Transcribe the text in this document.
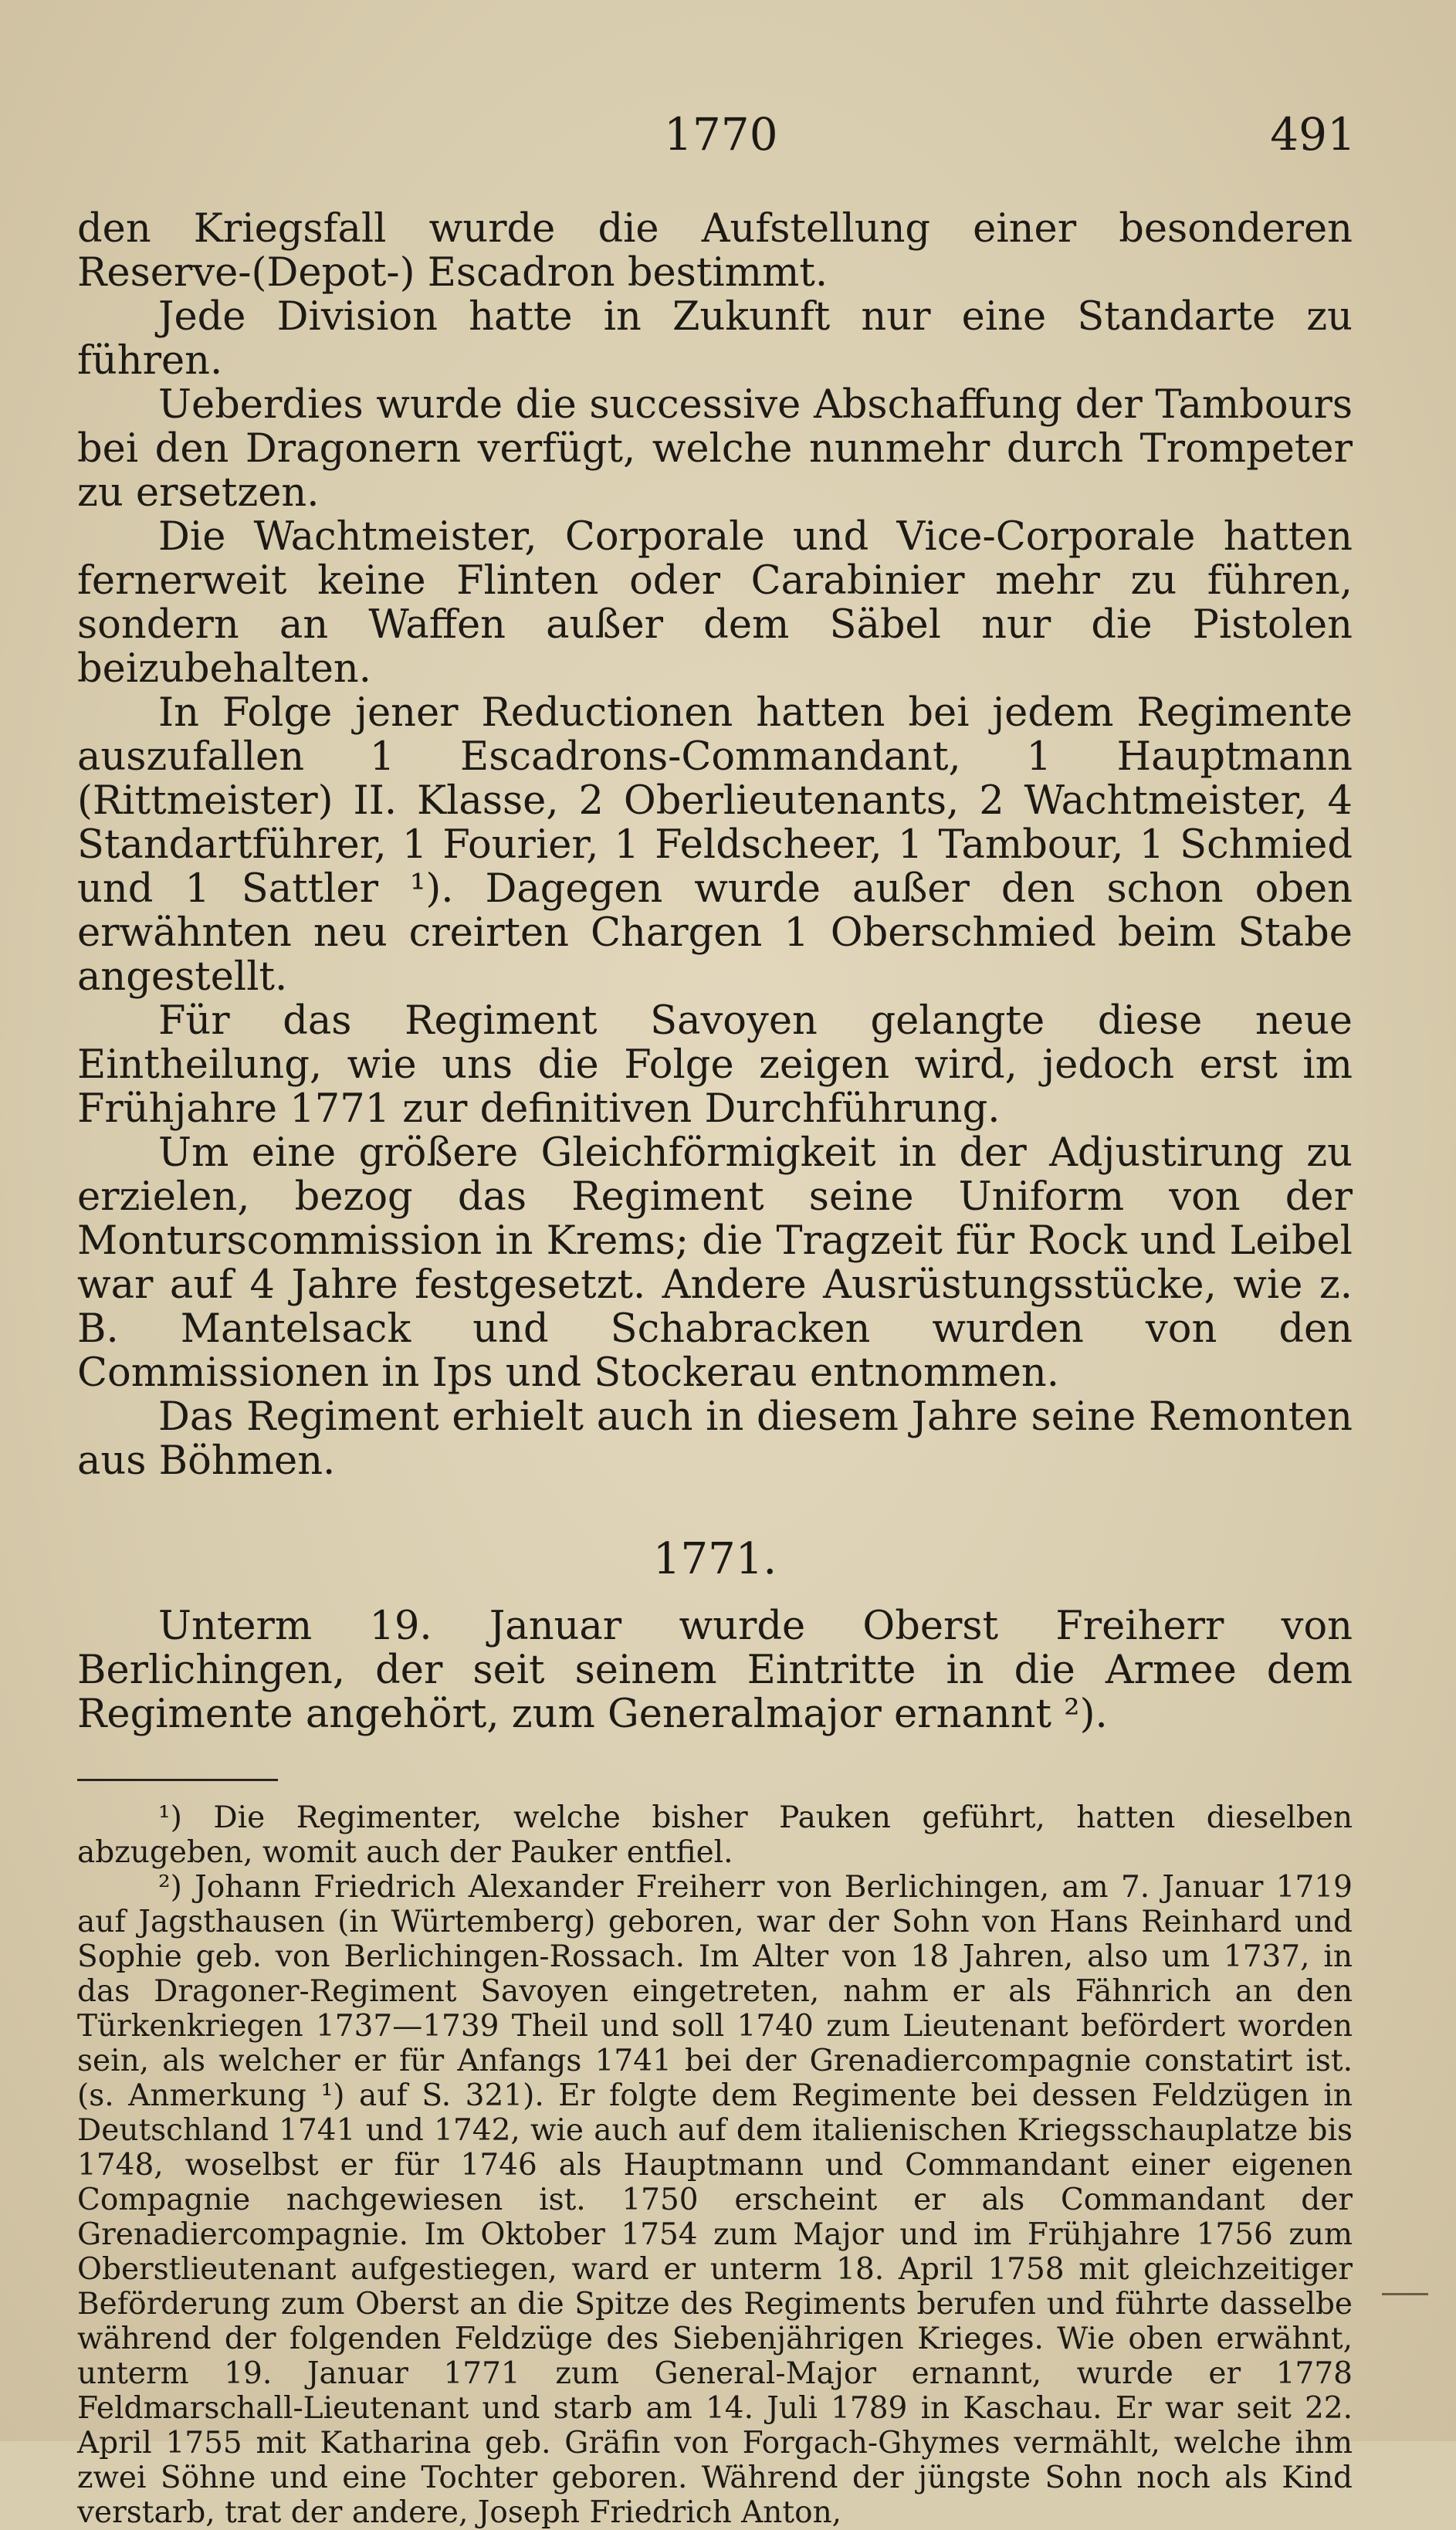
1770	491

den Kriegsfall wurde die Aufstellung einer besonderen Reserve-(Depot-) Escadron bestimmt.

Jede Division hatte in Zukunft nur eine Standarte zu führen.

Ueberdies wurde die successive Abschaffung der Tambours bei den Dragonern verfügt, welche nunmehr durch Trompeter zu ersetzen.

Die Wachtmeister, Corporale und Vice-Corporale hatten fernerweit keine Flinten oder Carabinier mehr zu führen, sondern an Waffen außer dem Säbel nur die Pistolen beizubehalten.

In Folge jener Reductionen hatten bei jedem Regimente auszufallen 1 Escadrons-Commandant, 1 Hauptmann (Rittmeister) II. Klasse, 2 Oberlieutenants, 2 Wachtmeister, 4 Standartführer, 1 Fourier, 1 Feldscheer, 1 Tambour, 1 Schmied und 1 Sattler ¹). Dagegen wurde außer den schon oben erwähnten neu creirten Chargen 1 Oberschmied beim Stabe angestellt.

Für das Regiment Savoyen gelangte diese neue Eintheilung, wie uns die Folge zeigen wird, jedoch erst im Frühjahre 1771 zur definitiven Durchführung.

Um eine größere Gleichförmigkeit in der Adjustirung zu erzielen, bezog das Regiment seine Uniform von der Monturscommission in Krems; die Tragzeit für Rock und Leibel war auf 4 Jahre festgesetzt. Andere Ausrüstungsstücke, wie z. B. Mantelsack und Schabracken wurden von den Commissionen in Ips und Stockerau entnommen.

Das Regiment erhielt auch in diesem Jahre seine Remonten aus Böhmen.

1771.

Unterm 19. Januar wurde Oberst Freiherr von Berlichingen, der seit seinem Eintritte in die Armee dem Regimente angehört, zum Generalmajor ernannt ²).

¹) Die Regimenter, welche bisher Pauken geführt, hatten dieselben abzugeben, womit auch der Pauker entfiel.

²) Johann Friedrich Alexander Freiherr von Berlichingen, am 7. Januar 1719 auf Jagsthausen (in Würtemberg) geboren, war der Sohn von Hans Reinhard und Sophie geb. von Berlichingen-Rossach. Im Alter von 18 Jahren, also um 1737, in das Dragoner-Regiment Savoyen eingetreten, nahm er als Fähnrich an den Türkenkriegen 1737—1739 Theil und soll 1740 zum Lieutenant befördert worden sein, als welcher er für Anfangs 1741 bei der Grenadiercompagnie constatirt ist. (s. Anmerkung ¹) auf S. 321). Er folgte dem Regimente bei dessen Feldzügen in Deutschland 1741 und 1742, wie auch auf dem italienischen Kriegsschauplatze bis 1748, woselbst er für 1746 als Hauptmann und Commandant einer eigenen Compagnie nachgewiesen ist. 1750 erscheint er als Commandant der Grenadiercompagnie. Im Oktober 1754 zum Major und im Frühjahre 1756 zum Oberstlieutenant aufgestiegen, ward er unterm 18. April 1758 mit gleichzeitiger Beförderung zum Oberst an die Spitze des Regiments berufen und führte dasselbe während der folgenden Feldzüge des Siebenjährigen Krieges. Wie oben erwähnt, unterm 19. Januar 1771 zum General-Major ernannt, wurde er 1778 Feldmarschall-Lieutenant und starb am 14. Juli 1789 in Kaschau. Er war seit 22. April 1755 mit Katharina geb. Gräfin von Forgach-Ghymes vermählt, welche ihm zwei Söhne und eine Tochter geboren. Während der jüngste Sohn noch als Kind verstarb, trat der andere, Joseph Friedrich Anton,
